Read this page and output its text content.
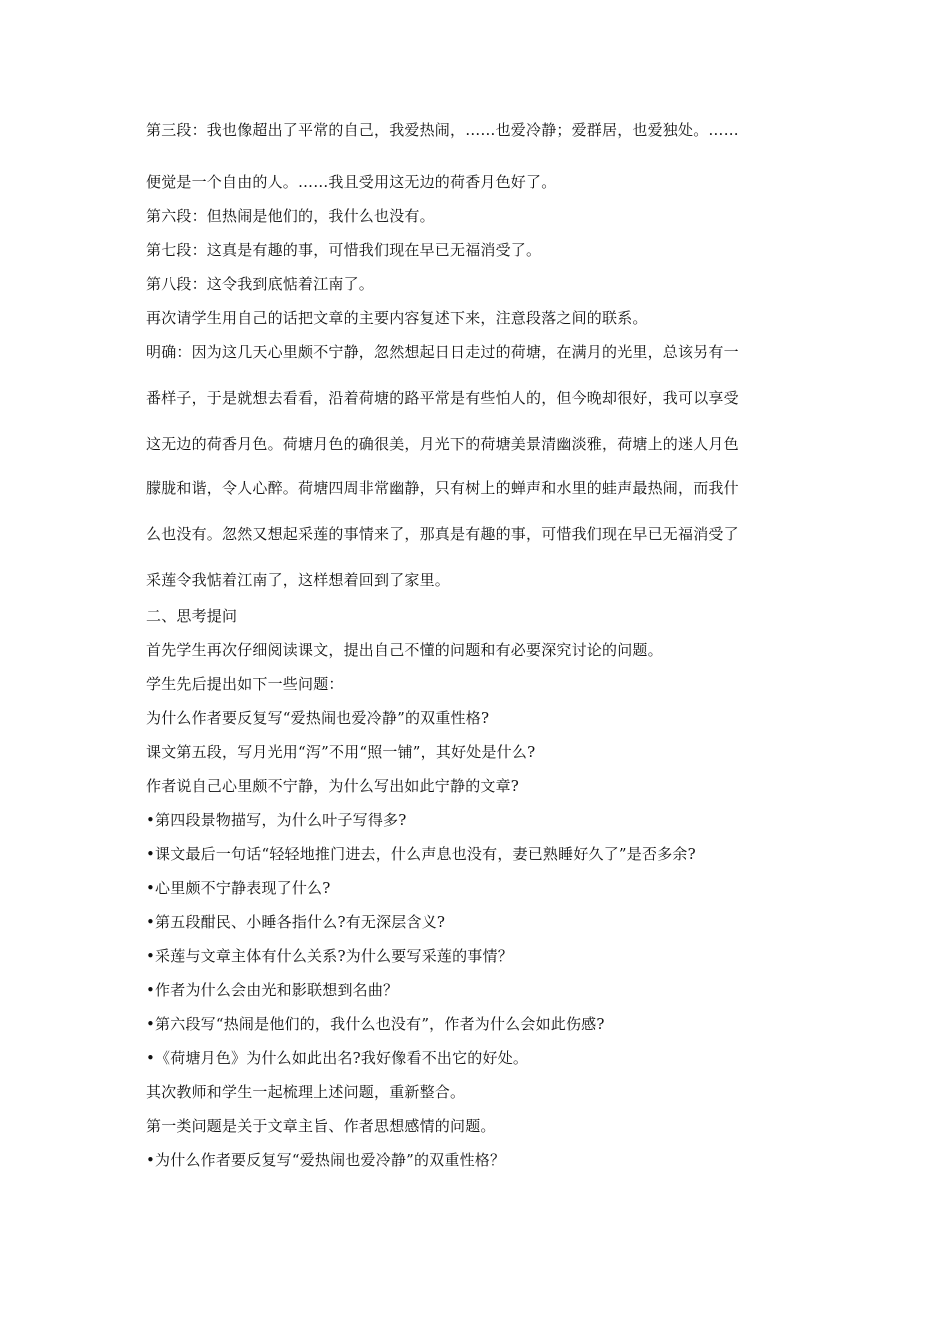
第三段：我也像超出了平常的自己，我爱热闹，……也爱冷静；爱群居，也爱独处。……
便觉是一个自由的人。……我且受用这无边的荷香月色好了。
第六段：但热闹是他们的，我什么也没有。
第七段：这真是有趣的事，可惜我们现在早已无福消受了。
第八段：这令我到底惦着江南了。
再次请学生用自己的话把文章的主要内容复述下来，注意段落之间的联系。
明确：因为这几天心里颇不宁静，忽然想起日日走过的荷塘，在满月的光里，总该另有一
番样子，于是就想去看看，沿着荷塘的路平常是有些怕人的，但今晚却很好，我可以享受
这无边的荷香月色。荷塘月色的确很美，月光下的荷塘美景清幽淡雅，荷塘上的迷人月色
朦胧和谐，令人心醉。荷塘四周非常幽静，只有树上的蝉声和水里的蛙声最热闹，而我什
么也没有。忽然又想起采莲的事情来了，那真是有趣的事，可惜我们现在早已无福消受了
采莲令我惦着江南了，这样想着回到了家里。
二、思考提问
首先学生再次仔细阅读课文，提出自己不懂的问题和有必要深究讨论的问题。
学生先后提出如下一些问题：
为什么作者要反复写“爱热闹也爱冷静”的双重性格?
课文第五段，写月光用“泻”不用“照一铺”，其好处是什么?
作者说自己心里颇不宁静，为什么写出如此宁静的文章?
•第四段景物描写，为什么叶子写得多?
•课文最后一句话“轻轻地推门进去，什么声息也没有，妻已熟睡好久了”是否多余?
•心里颇不宁静表现了什么?
•第五段酣民、小睡各指什么?有无深层含义?
•采莲与文章主体有什么关系?为什么要写采莲的事情？
•作者为什么会由光和影联想到名曲？
•第六段写“热闹是他们的，我什么也没有”，作者为什么会如此伤感?
•《荷塘月色》为什么如此出名?我好像看不出它的好处。
其次教师和学生一起梳理上述问题，重新整合。
第一类问题是关于文章主旨、作者思想感情的问题。
•为什么作者要反复写“爱热闹也爱冷静”的双重性格？
